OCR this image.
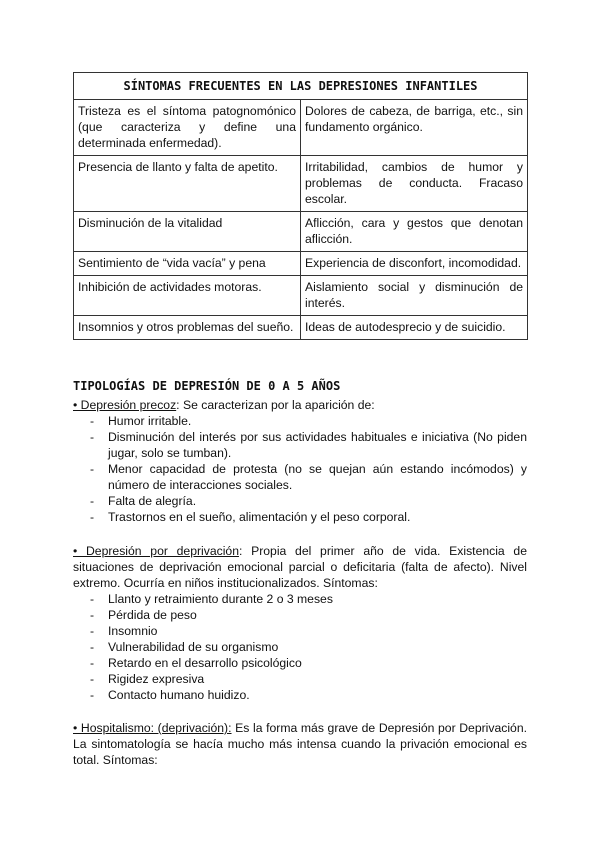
SÍNTOMAS FRECUENTES EN LAS DEPRESIONES INFANTILES	
Tristeza es el síntoma patognomónico (que caracteriza y define una determinada enfermedad).	Dolores de cabeza, de barriga, etc., sin fundamento orgánico.
Presencia de llanto y falta de apetito.	Irritabilidad, cambios de humor y problemas de conducta. Fracaso escolar.
Disminución de la vitalidad	Aflicción, cara y gestos que denotan aflicción.
Sentimiento de “vida vacía” y pena	Experiencia de disconfort, incomodidad.
Inhibición de actividades motoras.	Aislamiento social y disminución de interés.
Insomnios y otros problemas del sueño.	Ideas de autodesprecio y de suicidio.
TIPOLOGÍAS DE DEPRESIÓN DE 0 A 5 AÑOS

• Depresión precoz: Se caracterizan por la aparición de:

- Humor irritable.
- Disminución del interés por sus actividades habituales e iniciativa (No piden jugar, solo se tumban).
- Menor capacidad de protesta (no se quejan aún estando incómodos) y número de interacciones sociales.
- Falta de alegría.
- Trastornos en el sueño, alimentación y el peso corporal.

• Depresión por deprivación: Propia del primer año de vida. Existencia de situaciones de deprivación emocional parcial o deficitaria (falta de afecto). Nivel extremo. Ocurría en niños institucionalizados. Síntomas:

- Llanto y retraimiento durante 2 o 3 meses
- Pérdida de peso
- Insomnio
- Vulnerabilidad de su organismo
- Retardo en el desarrollo psicológico
- Rigidez expresiva
- Contacto humano huidizo.

• Hospitalismo: (deprivación): Es la forma más grave de Depresión por Deprivación. La sintomatología se hacía mucho más intensa cuando la privación emocional es total. Síntomas:
